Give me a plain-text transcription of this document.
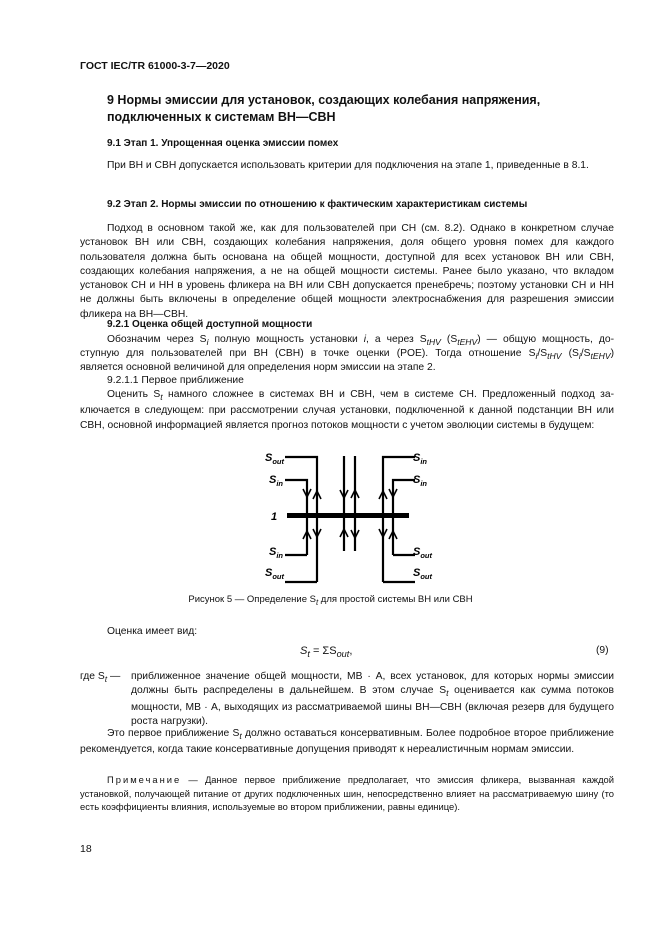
ГОСТ IEC/TR 61000-3-7—2020
9 Нормы эмиссии для установок, создающих колебания напряжения, подключенных к системам ВН—СВН
9.1 Этап 1. Упрощенная оценка эмиссии помех
При ВН и СВН допускается использовать критерии для подключения на этапе 1, приведенные в 8.1.
9.2 Этап 2. Нормы эмиссии по отношению к фактическим характеристикам системы
Подход в основном такой же, как для пользователей при СН (см. 8.2). Однако в конкретном случае установок ВН или СВН, создающих колебания напряжения, доля общего уровня помех для каждого пользователя должна быть основана на общей мощности, доступной для всех установок ВН или СВН, создающих колебания напряжения, а не на общей мощности системы. Ранее было указано, что вкладом установок СН и НН в уровень фликера на ВН или СВН допускается пренебречь; поэтому установки СН и НН не должны быть включены в определение общей мощности электроснабжения для разрешения эмиссии фликера на ВН—СВН.
9.2.1 Оценка общей доступной мощности
Обозначим через $S_i$ полную мощность установки i, а через $S_{tHV}$ $(S_{tEHV})$ — общую мощность, до-
ступную для пользователей при ВН (СВН) в точке оценки (POE). Тогда отношение $S_i/S_{tHV}$ $(S_i/S_{tEHV})$
является основной величиной для определения норм эмиссии на этапе 2.
9.2.1.1 Первое приближение
Оценить $S_t$ намного сложнее в системах ВН и СВН, чем в системе СН. Предложенный подход заключается в следующем: при рассмотрении случая установки, подключенной к данной подстанции ВН или СВН, основной информацией является прогноз потоков мощности с учетом эволюции системы в будущем:
$S_{out}$
$S_{in}$
$S_{in}$
$S_{in}$
$S_{in}$
$S_{out}$
$S_{out}$
$S_{out}$
1
Рисунок 5 — Определение $S_t$ для простой системы ВН или СВН
Оценка имеет вид:
$S_t = \Sigma S_{out}$,	(9)
где $S_t$ — приближенное значение общей мощности, МВ · А, всех установок, для которых нормы эмиссии должны быть распределены в дальнейшем. В этом случае $S_t$ оценивается как сумма потоков мощности, МВ · А, выходящих из рассматриваемой шины ВН—СВН (включая резерв для будущего роста нагрузки).
Это первое приближение $S_t$ должно оставаться консервативным. Более подробное второе приближение рекомендуется, когда такие консервативные допущения приводят к нереалистичным нормам эмиссии.
Примечание — Данное первое приближение предполагает, что эмиссия фликера, вызванная каждой установкой, получающей питание от других подключенных шин, непосредственно влияет на рассматриваемую шину (то есть коэффициенты влияния, используемые во втором приближении, равны единице).
18
